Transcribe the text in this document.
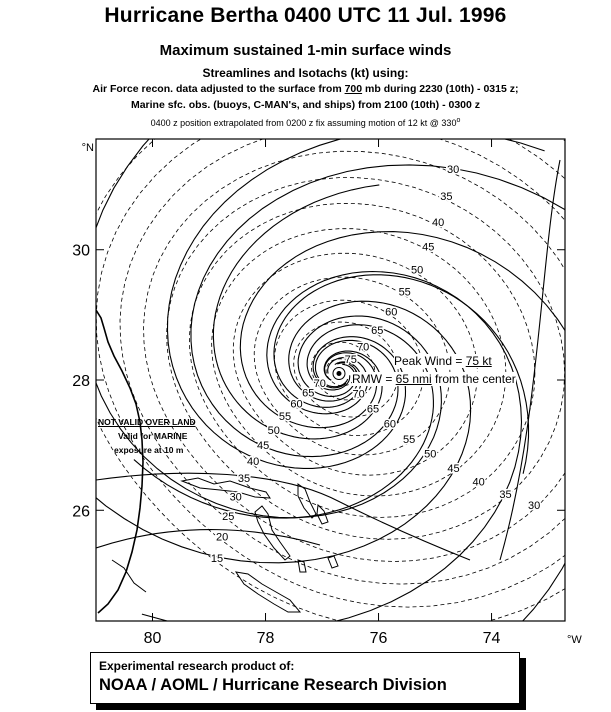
Hurricane Bertha 0400 UTC 11 Jul. 1996
Maximum sustained 1-min surface winds
Streamlines and Isotachs (kt) using:
Air Force recon. data adjusted to the surface from 700 mb during 2230 (10th) - 0315 z;
Marine sfc. obs. (buoys, C-MAN's, and ships) from 2100 (10th) - 0300 z
0400 z position extrapolated from 0200 z fix assuming motion of 12 kt @ 330$^o$
30
35
40
45
50
55
60
65
70
15
20
25
30
35
40
45
50
55
60
65
70
30
35
40
45
50
55
60
65
70
75
30
28
26
80	78	76	74
°N
°W
Peak Wind = 75 kt
RMW = 65 nmi from the center
NOT VALID OVER LAND
Valid for MARINE
exposure at 10 m
Experimental research product of:
NOAA / AOML / Hurricane Research Division
